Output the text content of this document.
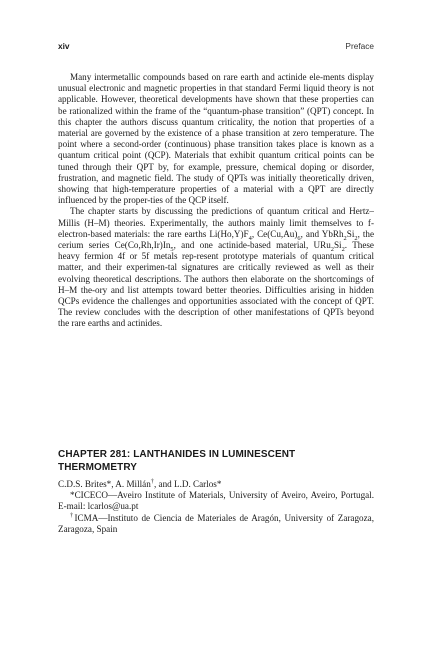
xiv	Preface

Many intermetallic compounds based on rare earth and actinide ele-ments display unusual electronic and magnetic properties in that standard Fermi liquid theory is not applicable. However, theoretical developments have shown that these properties can be rationalized within the frame of the “quantum-phase transition” (QPT) concept. In this chapter the authors discuss quantum criticality, the notion that properties of a material are governed by the existence of a phase transition at zero temperature. The point where a second-order (continuous) phase transition takes place is known as a quantum critical point (QCP). Materials that exhibit quantum critical points can be tuned through their QPT by, for example, pressure, chemical doping or disorder, frustration, and magnetic field. The study of QPTs was initially theoretically driven, showing that high-temperature properties of a material with a QPT are directly influenced by the proper-ties of the QCP itself.

The chapter starts by discussing the predictions of quantum critical and Hertz–Millis (H–M) theories. Experimentally, the authors mainly limit themselves to f-electron-based materials: the rare earths $Li(Ho,Y)F_4$, $Ce(Cu,Au)_6$, and $YbRh_2Si_2$, the cerium series $Ce(Co,Rh,Ir)In_5$, and one actinide-based material, $URu_2Si_2$. These heavy fermion 4f or 5f metals rep-resent prototype materials of quantum critical matter, and their experimen-tal signatures are critically reviewed as well as their evolving theoretical descriptions. The authors then elaborate on the shortcomings of H–M the-ory and list attempts toward better theories. Difficulties arising in hidden QCPs evidence the challenges and opportunities associated with the concept of QPT. The review concludes with the description of other manifestations of QPTs beyond the rare earths and actinides.

CHAPTER 281: LANTHANIDES IN LUMINESCENT THERMOMETRY

C.D.S. Brites*, A. Millán†, and L.D. Carlos*

*CICECO—Aveiro Institute of Materials, University of Aveiro, Aveiro, Portugal. E-mail: lcarlos@ua.pt

†ICMA—Instituto de Ciencia de Materiales de Aragón, University of Zaragoza, Zaragoza, Spain
